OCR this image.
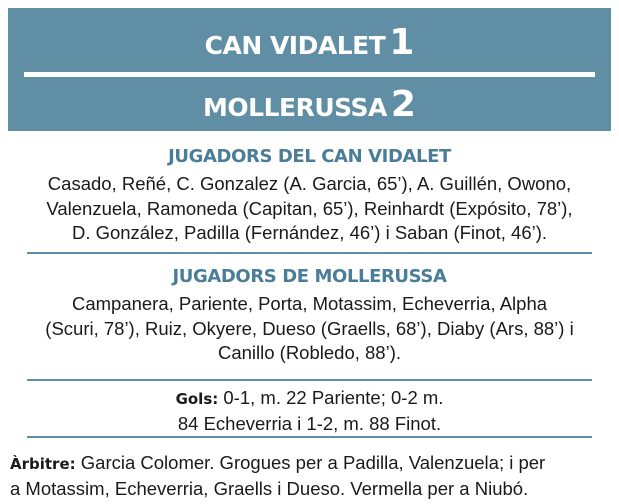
CAN VIDALET 1
MOLLERUSSA 2
JUGADORS DEL CAN VIDALET
Casado, Reñé, C. Gonzalez (A. Garcia, 65’), A. Guillén, Owono,
Valenzuela, Ramoneda (Capitan, 65’), Reinhardt (Expósito, 78’),
D. González, Padilla (Fernández, 46’) i Saban (Finot, 46’).
JUGADORS DE MOLLERUSSA
Campanera, Pariente, Porta, Motassim, Echeverria, Alpha
(Scuri, 78’), Ruiz, Okyere, Dueso (Graells, 68’), Diaby (Ars, 88’) i
Canillo (Robledo, 88’).
Gols: 0-1, m. 22 Pariente; 0-2 m.
84 Echeverria i 1-2, m. 88 Finot.
Àrbitre: Garcia Colomer. Grogues per a Padilla, Valenzuela; i per
a Motassim, Echeverria, Graells i Dueso. Vermella per a Niubó.
